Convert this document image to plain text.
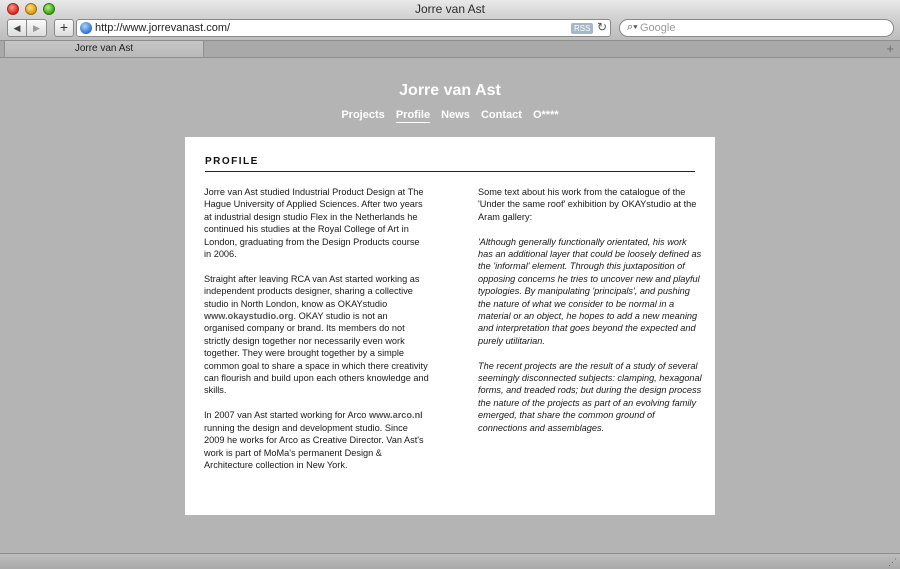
Jorre van Ast
◀	▶	+	http://www.jorrevanast.com/	RSS ↻ ⌕▾ Google
Jorre van Ast	+
Jorre van Ast
Projects Profile News Contact O****
PROFILE

Jorre van Ast studied Industrial Product Design at The Hague University of Applied Sciences. After two years at industrial design studio Flex in the Netherlands he continued his studies at the Royal College of Art in London, graduating from the Design Products course in 2006.

Straight after leaving RCA van Ast started working as independent products designer, sharing a collective studio in North London, know as OKAYstudio www.okaystudio.org. OKAY studio is not an organised company or brand. Its members do not strictly design together nor necessarily even work together. They were brought together by a simple common goal to share a space in which there creativity can flourish and build upon each others knowledge and skills.

In 2007 van Ast started working for Arco www.arco.nl running the design and development studio. Since 2009 he works for Arco as Creative Director. Van Ast's work is part of MoMa's permanent Design & Architecture collection in New York.

Some text about his work from the catalogue of the 'Under the same roof' exhibition by OKAYstudio at the Aram gallery:

'Although generally functionally orientated, his work has an additional layer that could be loosely defined as the 'informal' element. Through this juxtaposition of opposing concerns he tries to uncover new and playful typologies. By manipulating 'principals', and pushing the nature of what we consider to be normal in a material or an object, he hopes to add a new meaning and interpretation that goes beyond the expected and purely utilitarian.

The recent projects are the result of a study of several seemingly disconnected subjects: clamping, hexagonal forms, and treaded rods; but during the design process the nature of the projects as part of an evolving family emerged, that share the common ground of connections and assemblages.

⋰
